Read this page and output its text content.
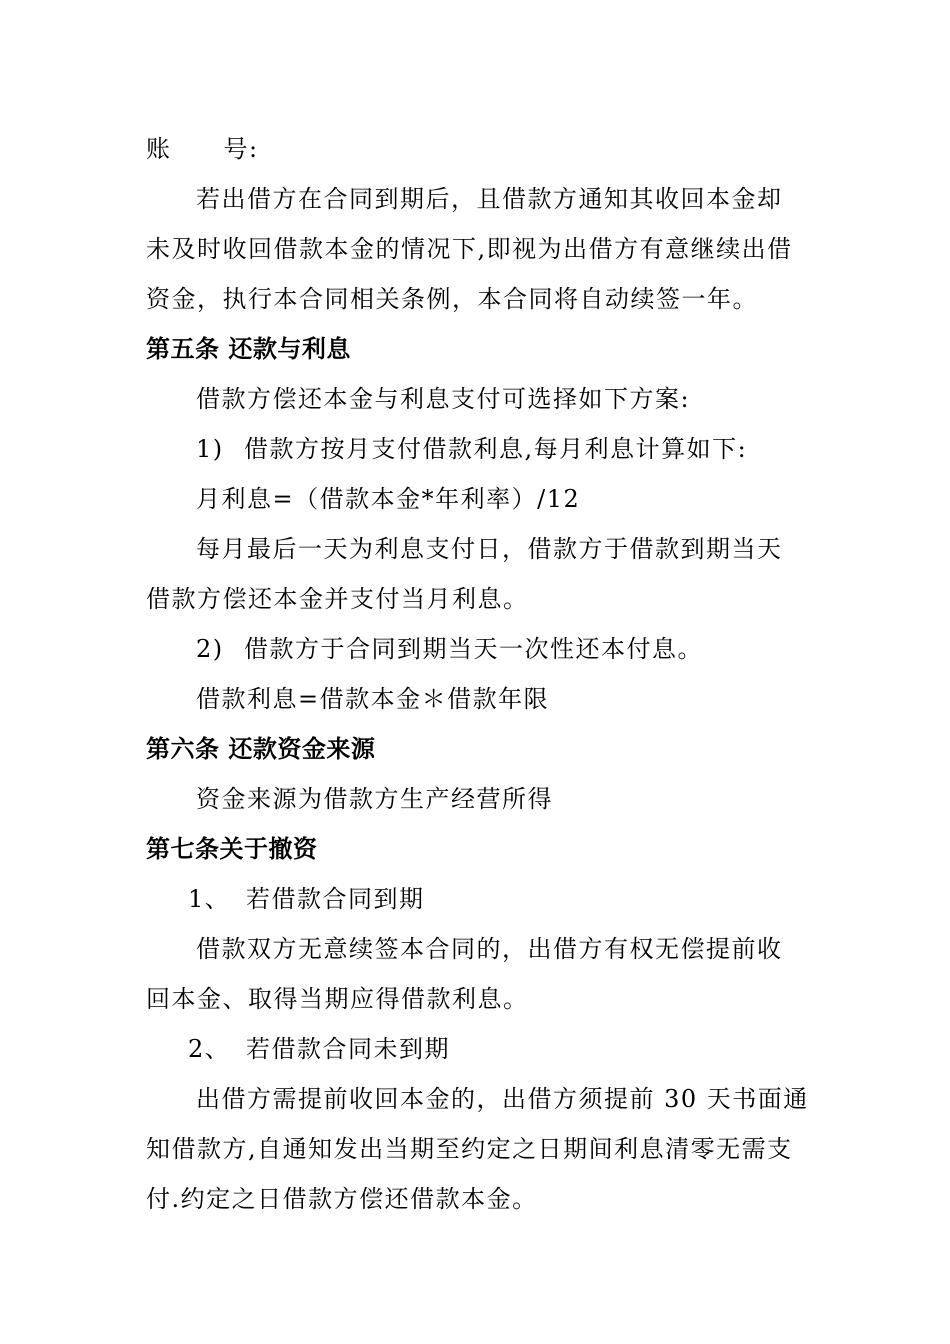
账 号:
若出借方在合同到期后，且借款方通知其收回本金却
未及时收回借款本金的情况下,即视为出借方有意继续出借
资金，执行本合同相关条例，本合同将自动续签一年。
第五条 还款与利息
借款方偿还本金与利息支付可选择如下方案:
1) 借款方按月支付借款利息,每月利息计算如下:
月利息=（借款本金*年利率）/12
每月最后一天为利息支付日，借款方于借款到期当天
借款方偿还本金并支付当月利息。
2) 借款方于合同到期当天一次性还本付息。
借款利息=借款本金＊借款年限
第六条 还款资金来源
资金来源为借款方生产经营所得
第七条关于撤资
1、 若借款合同到期
借款双方无意续签本合同的，出借方有权无偿提前收
回本金、取得当期应得借款利息。
2、 若借款合同未到期
出借方需提前收回本金的，出借方须提前 30 天书面通
知借款方,自通知发出当期至约定之日期间利息清零无需支
付.约定之日借款方偿还借款本金。
